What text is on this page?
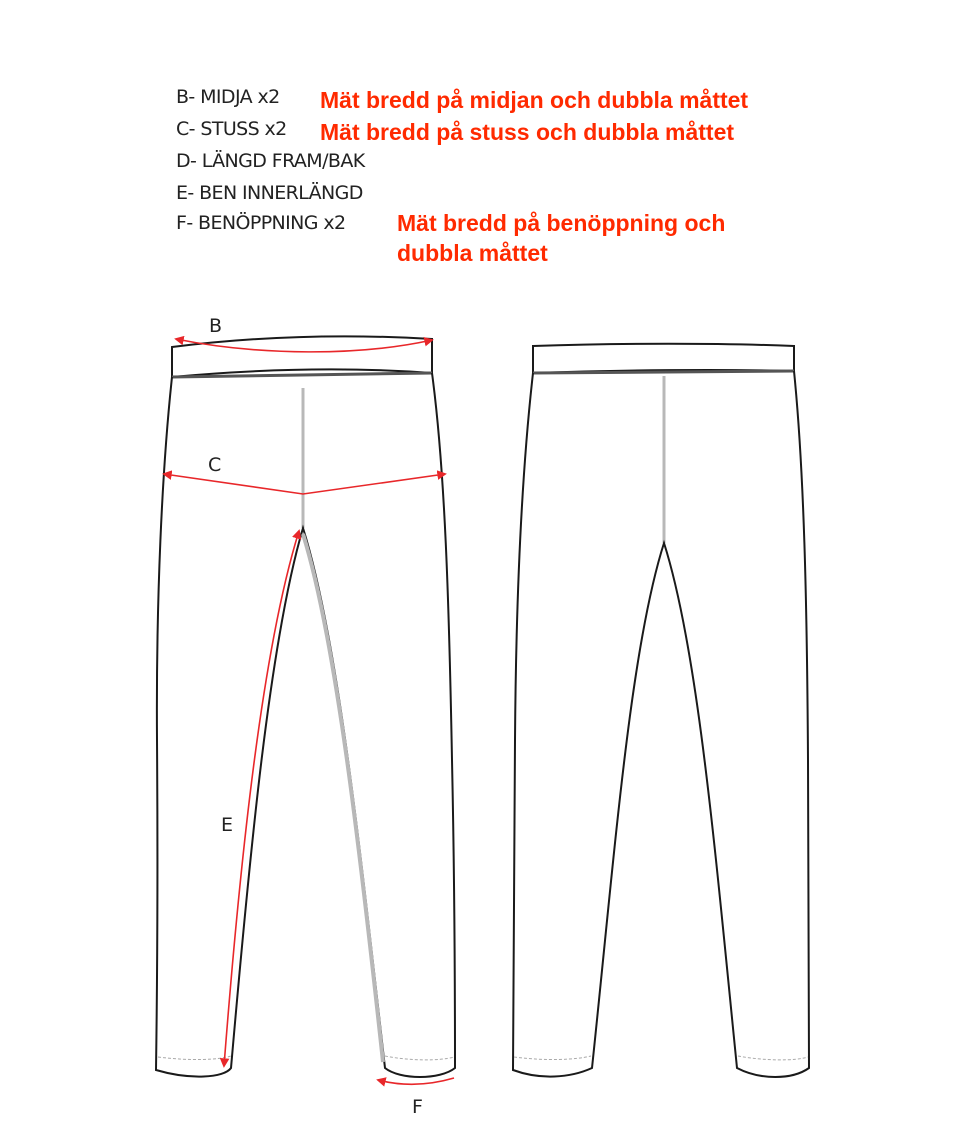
B- MIDJA x2 Mät bredd på midjan och dubbla måttet
C- STUSS x2 Mät bredd på stuss och dubbla måttet
D- LÄNGD FRAM/BAK
E- BEN INNERLÄNGD
F- BENÖPPNING x2 Mät bredd på benöppning och
dubbla måttet
B
C
E
F
